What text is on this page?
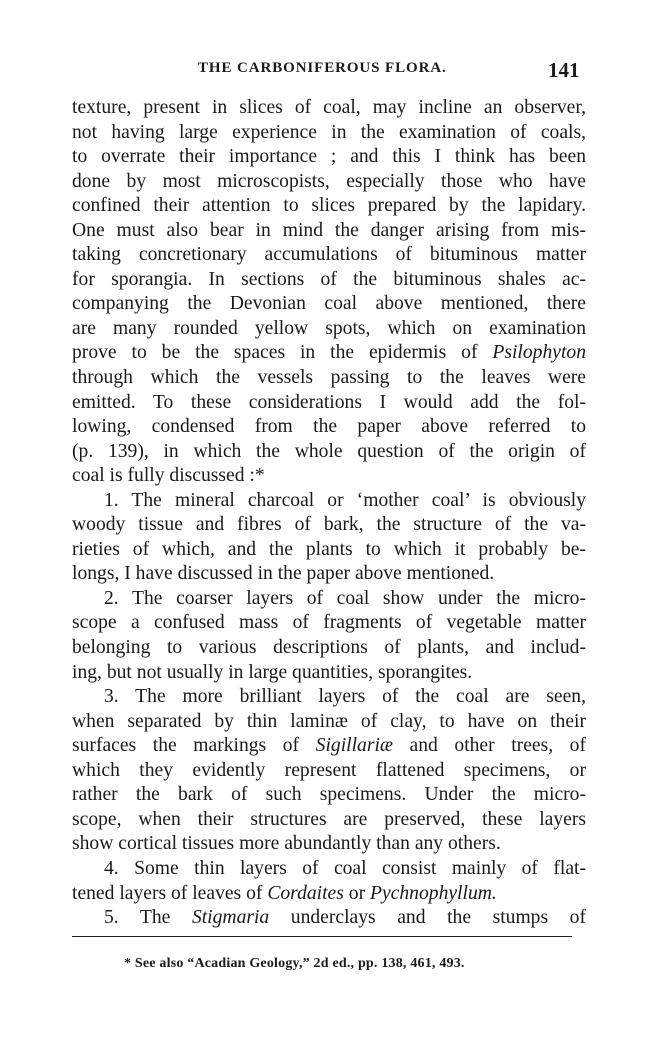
THE CARBONIFEROUS FLORA.	141
texture, present in slices of coal, may incline an observer,
not having large experience in the examination of coals,
to overrate their importance ; and this I think has been
done by most microscopists, especially those who have
confined their attention to slices prepared by the lapidary.
One must also bear in mind the danger arising from mis-
taking concretionary accumulations of bituminous matter
for sporangia. In sections of the bituminous shales ac-
companying the Devonian coal above mentioned, there
are many rounded yellow spots, which on examination
prove to be the spaces in the epidermis of Psilophyton
through which the vessels passing to the leaves were
emitted. To these considerations I would add the fol-
lowing, condensed from the paper above referred to
(p. 139), in which the whole question of the origin of
coal is fully discussed :*
1. The mineral charcoal or ‘mother coal’ is obviously
woody tissue and fibres of bark, the structure of the va-
rieties of which, and the plants to which it probably be-
longs, I have discussed in the paper above mentioned.
2. The coarser layers of coal show under the micro-
scope a confused mass of fragments of vegetable matter
belonging to various descriptions of plants, and includ-
ing, but not usually in large quantities, sporangites.
3. The more brilliant layers of the coal are seen,
when separated by thin laminæ of clay, to have on their
surfaces the markings of Sigillariæ and other trees, of
which they evidently represent flattened specimens, or
rather the bark of such specimens. Under the micro-
scope, when their structures are preserved, these layers
show cortical tissues more abundantly than any others.
4. Some thin layers of coal consist mainly of flat-
tened layers of leaves of Cordaites or Pychnophyllum.
5. The Stigmaria underclays and the stumps of
* See also “Acadian Geology,” 2d ed., pp. 138, 461, 493.
